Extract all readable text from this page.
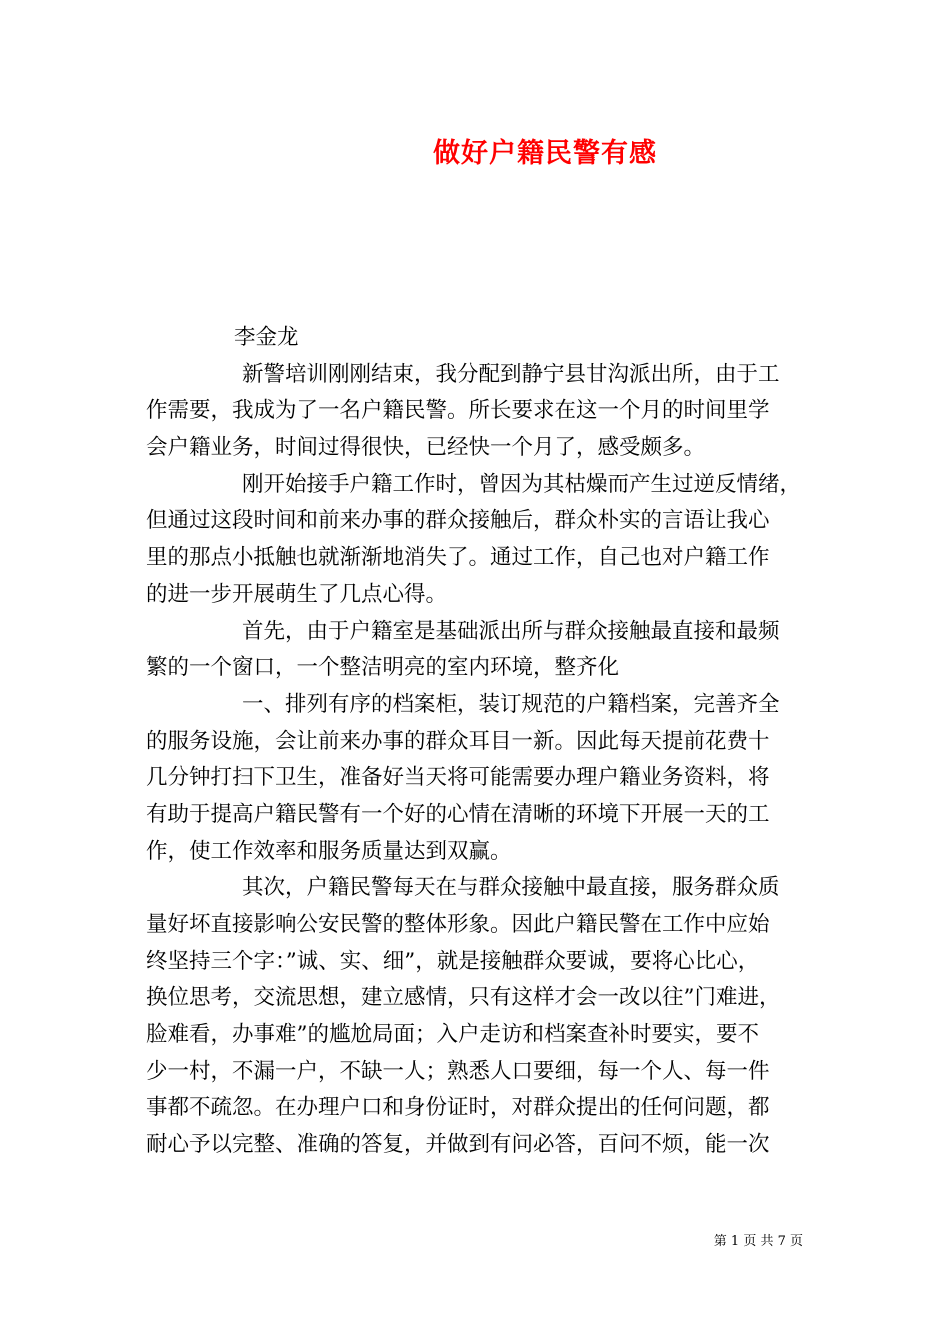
做好户籍民警有感
李金龙
新警培训刚刚结束，我分配到静宁县甘沟派出所，由于工
作需要，我成为了一名户籍民警。所长要求在这一个月的时间里学
会户籍业务，时间过得很快，已经快一个月了，感受颇多。
刚开始接手户籍工作时，曾因为其枯燥而产生过逆反情绪，
但通过这段时间和前来办事的群众接触后，群众朴实的言语让我心
里的那点小抵触也就渐渐地消失了。通过工作，自己也对户籍工作
的进一步开展萌生了几点心得。
首先，由于户籍室是基础派出所与群众接触最直接和最频
繁的一个窗口，一个整洁明亮的室内环境，整齐化
一、排列有序的档案柜，装订规范的户籍档案，完善齐全
的服务设施，会让前来办事的群众耳目一新。因此每天提前花费十
几分钟打扫下卫生，准备好当天将可能需要办理户籍业务资料，将
有助于提高户籍民警有一个好的心情在清晰的环境下开展一天的工
作，使工作效率和服务质量达到双赢。
其次，户籍民警每天在与群众接触中最直接，服务群众质
量好坏直接影响公安民警的整体形象。因此户籍民警在工作中应始
终坚持三个字：”诚、实、细”，就是接触群众要诚，要将心比心，
换位思考，交流思想，建立感情，只有这样才会一改以往”门难进，
脸难看，办事难”的尴尬局面；入户走访和档案查补时要实，要不
少一村，不漏一户，不缺一人；熟悉人口要细，每一个人、每一件
事都不疏忽。在办理户口和身份证时，对群众提出的任何问题，都
耐心予以完整、准确的答复，并做到有问必答，百问不烦，能一次
第 1 页 共 7 页
